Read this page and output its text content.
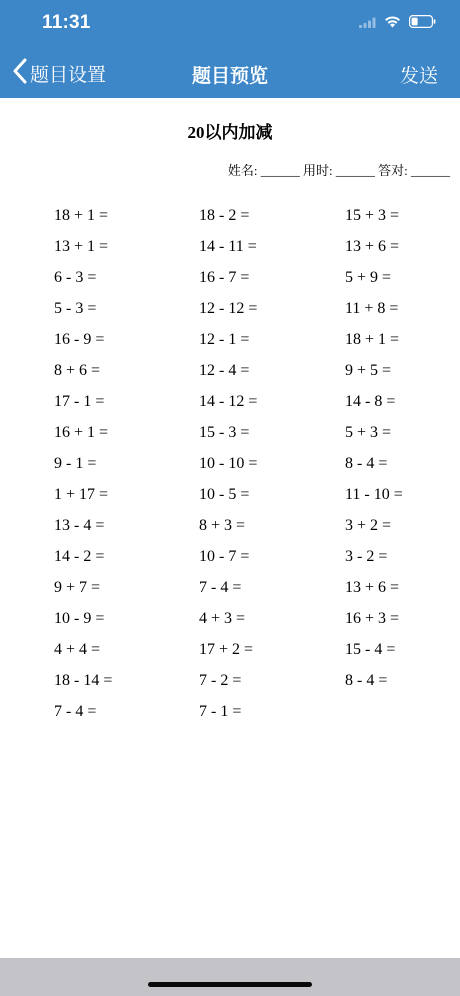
11:31
题目设置	题目预览	发送
20以内加减
姓名: ______ 用时: ______ 答对: ______
18 + 1 =
13 + 1 =
6 - 3 =
5 - 3 =
16 - 9 =
8 + 6 =
17 - 1 =
16 + 1 =
9 - 1 =
1 + 17 =
13 - 4 =
14 - 2 =
9 + 7 =
10 - 9 =
4 + 4 =
18 - 14 =
7 - 4 =
18 - 2 =
14 - 11 =
16 - 7 =
12 - 12 =
12 - 1 =
12 - 4 =
14 - 12 =
15 - 3 =
10 - 10 =
10 - 5 =
8 + 3 =
10 - 7 =
7 - 4 =
4 + 3 =
17 + 2 =
7 - 2 =
7 - 1 =
15 + 3 =
13 + 6 =
5 + 9 =
11 + 8 =
18 + 1 =
9 + 5 =
14 - 8 =
5 + 3 =
8 - 4 =
11 - 10 =
3 + 2 =
3 - 2 =
13 + 6 =
16 + 3 =
15 - 4 =
8 - 4 =
